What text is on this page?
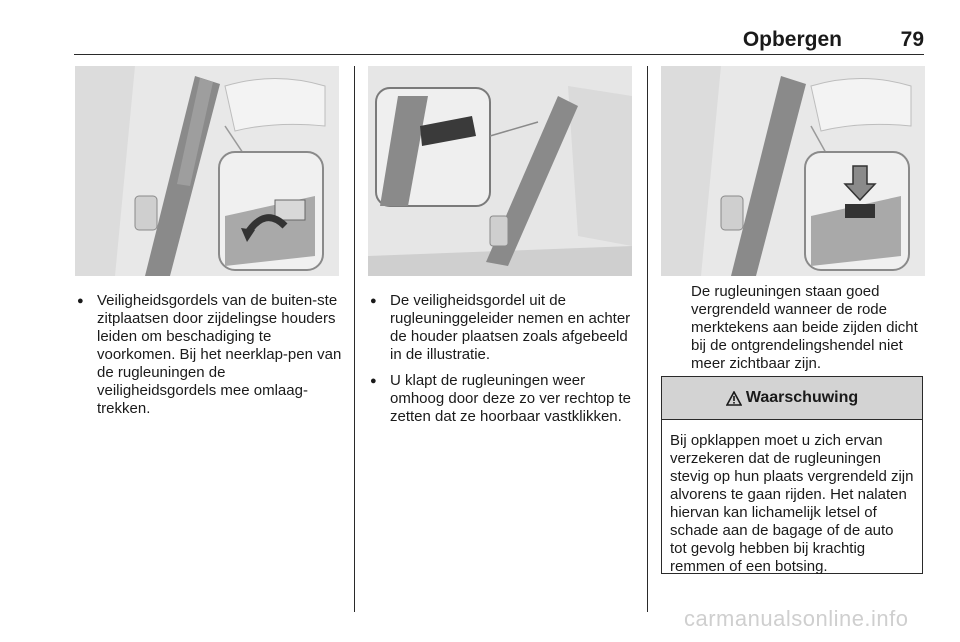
Opbergen	79
● Veiligheidsgordels van de buiten-ste zitplaatsen door zijdelingse houders leiden om beschadiging te voorkomen. Bij het neerklap-pen van de rugleuningen de veiligheidsgordels mee omlaag-trekken.
● De veiligheidsgordel uit de rugleuninggeleider nemen en achter de houder plaatsen zoals afgebeeld in de illustratie.
● U klapt de rugleuningen weer omhoog door deze zo ver rechtop te zetten dat ze hoorbaar vastklikken.

De rugleuningen staan goed vergrendeld wanneer de rode merktekens aan beide zijden dicht bij de ontgrendelingshendel niet meer zichtbaar zijn.

Waarschuwing

Bij opklappen moet u zich ervan verzekeren dat de rugleuningen stevig op hun plaats vergrendeld zijn alvorens te gaan rijden. Het nalaten hiervan kan lichamelijk letsel of schade aan de bagage of de auto tot gevolg hebben bij krachtig remmen of een botsing.

carmanualsonline.info
